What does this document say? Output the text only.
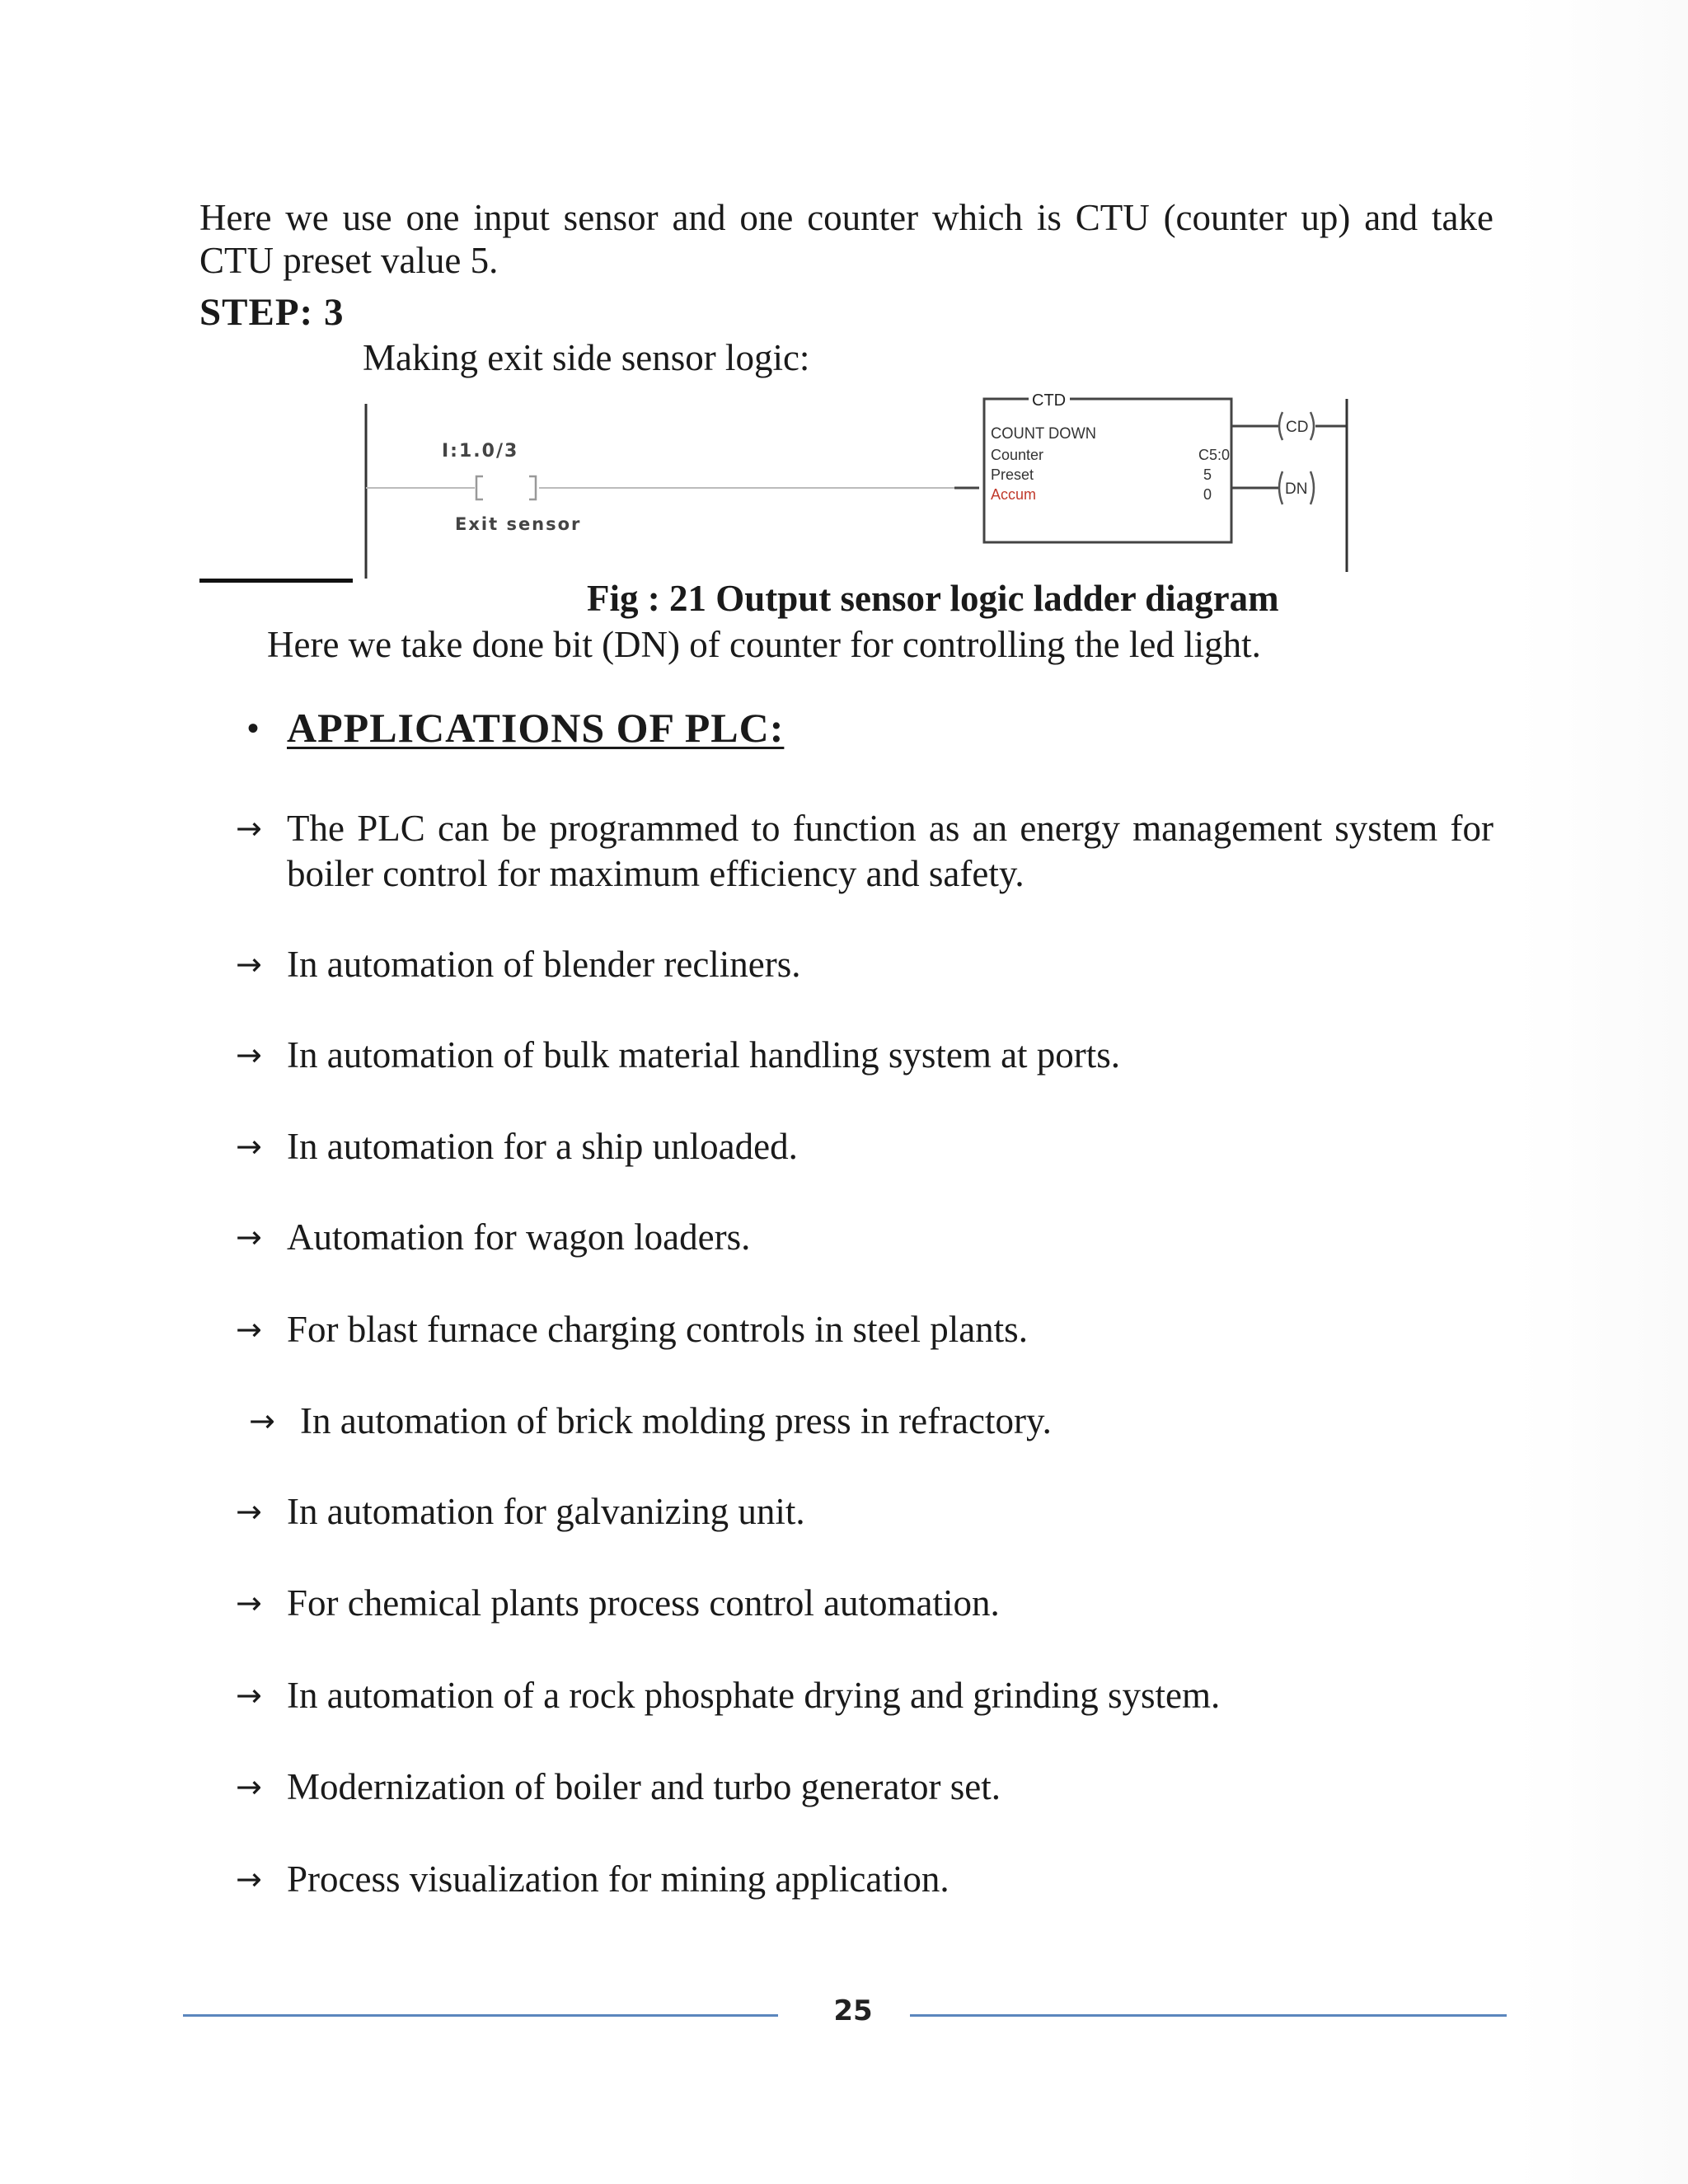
Here we use one input sensor and one counter which is CTU (counter up) and take CTU preset value 5.
STEP: 3
Making exit side sensor logic:
I:1.0/3
Exit sensor
CTD
COUNT DOWN
Counter	C5:0
Preset	5
Accum	0
CD
DN
Fig : 21 Output sensor logic ladder diagram
Here we take done bit (DN) of counter for controlling the led light.
• APPLICATIONS OF PLC:
→ The PLC can be programmed to function as an energy management system for boiler control for maximum efficiency and safety.
→ In automation of blender recliners.
→ In automation of bulk material handling system at ports.
→ In automation for a ship unloaded.
→ Automation for wagon loaders.
→ For blast furnace charging controls in steel plants.
→ In automation of brick molding press in refractory.
→ In automation for galvanizing unit.
→ For chemical plants process control automation.
→ In automation of a rock phosphate drying and grinding system.
→ Modernization of boiler and turbo generator set.
→ Process visualization for mining application.
25
